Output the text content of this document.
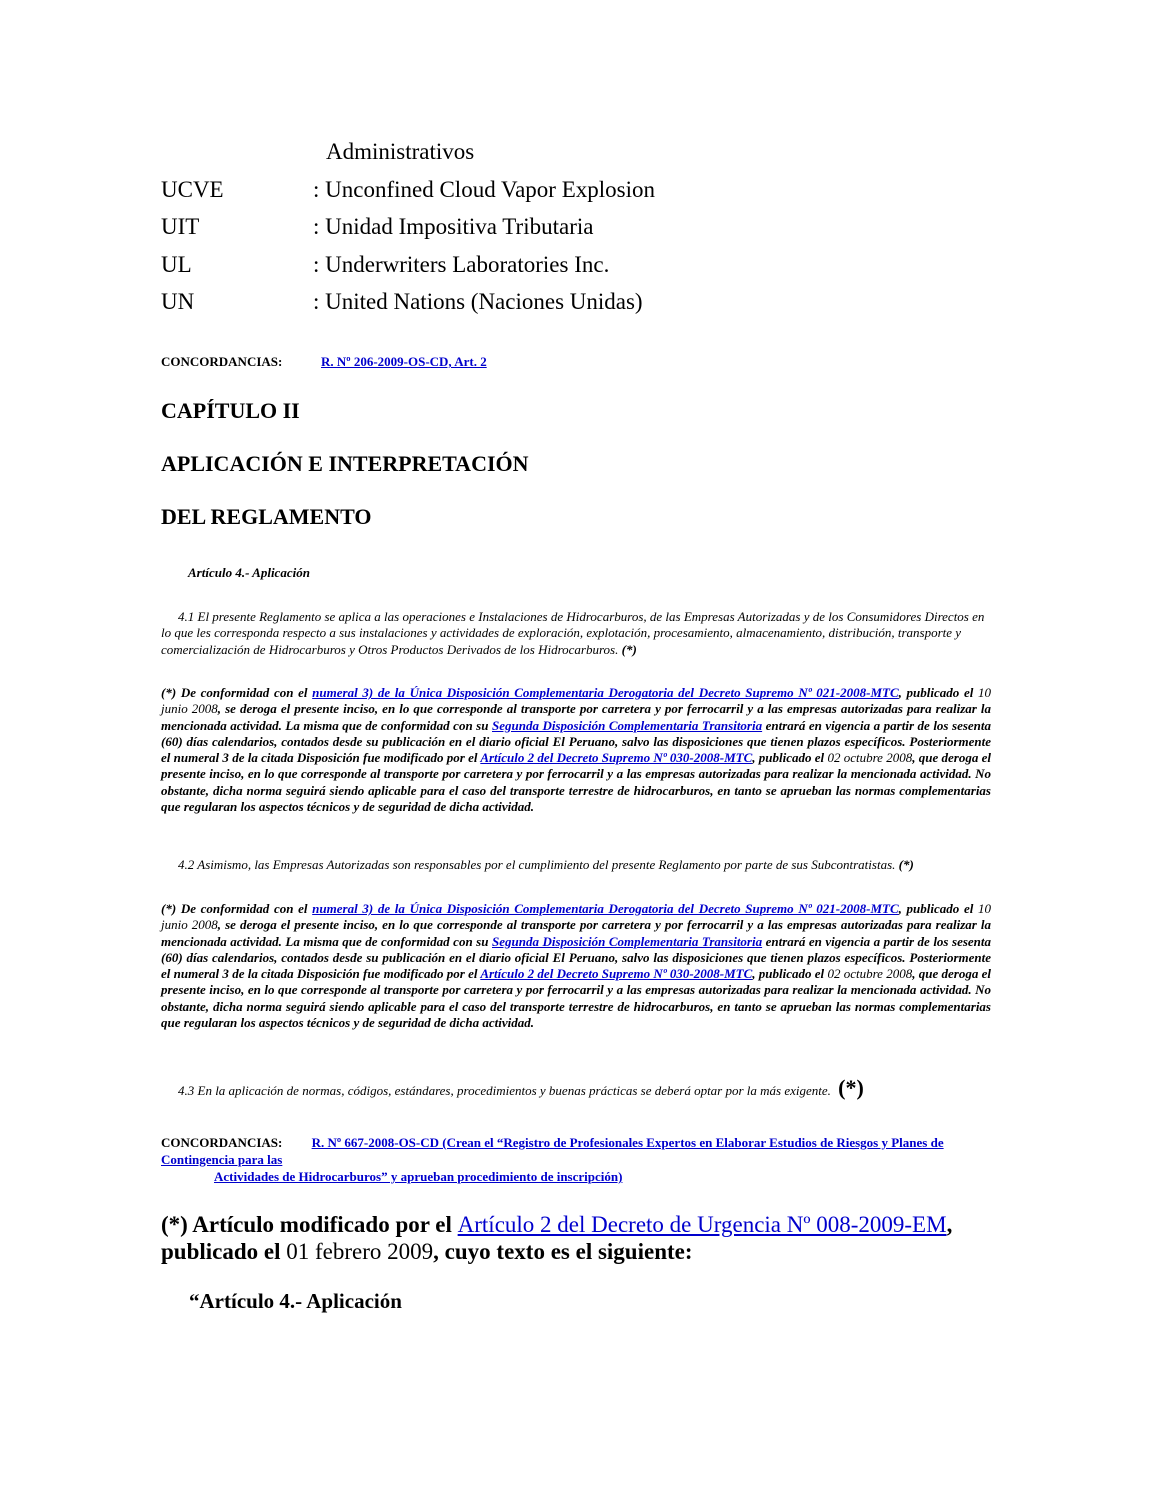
Administrativos
UCVE	: Unconfined Cloud Vapor Explosion
UIT	: Unidad Impositiva Tributaria
UL	: Underwriters Laboratories Inc.
UN	: United Nations (Naciones Unidas)
CONCORDANCIAS:	R. Nº 206-2009-OS-CD, Art. 2
CAPÍTULO II
APLICACIÓN E INTERPRETACIÓN
DEL REGLAMENTO
Artículo 4.- Aplicación
4.1 El presente Reglamento se aplica a las operaciones e Instalaciones de Hidrocarburos, de las Empresas Autorizadas y de los Consumidores Directos en lo que les corresponda respecto a sus instalaciones y actividades de exploración, explotación, procesamiento, almacenamiento, distribución, transporte y comercialización de Hidrocarburos y Otros Productos Derivados de los Hidrocarburos. (*)
(*) De conformidad con el numeral 3) de la Única Disposición Complementaria Derogatoria del Decreto Supremo Nº 021-2008-MTC, publicado el 10 junio 2008, se deroga el presente inciso, en lo que corresponde al transporte por carretera y por ferrocarril y a las empresas autorizadas para realizar la mencionada actividad. La misma que de conformidad con su Segunda Disposición Complementaria Transitoria entrará en vigencia a partir de los sesenta (60) días calendarios, contados desde su publicación en el diario oficial El Peruano, salvo las disposiciones que tienen plazos específicos. Posteriormente el numeral 3 de la citada Disposición fue modificado por el Artículo 2 del Decreto Supremo Nº 030-2008-MTC, publicado el 02 octubre 2008, que deroga el presente inciso, en lo que corresponde al transporte por carretera y por ferrocarril y a las empresas autorizadas para realizar la mencionada actividad. No obstante, dicha norma seguirá siendo aplicable para el caso del transporte terrestre de hidrocarburos, en tanto se aprueban las normas complementarias que regularan los aspectos técnicos y de seguridad de dicha actividad.
4.2 Asimismo, las Empresas Autorizadas son responsables por el cumplimiento del presente Reglamento por parte de sus Subcontratistas. (*)
(*) De conformidad con el numeral 3) de la Única Disposición Complementaria Derogatoria del Decreto Supremo Nº 021-2008-MTC, publicado el 10 junio 2008, se deroga el presente inciso, en lo que corresponde al transporte por carretera y por ferrocarril y a las empresas autorizadas para realizar la mencionada actividad. La misma que de conformidad con su Segunda Disposición Complementaria Transitoria entrará en vigencia a partir de los sesenta (60) días calendarios, contados desde su publicación en el diario oficial El Peruano, salvo las disposiciones que tienen plazos específicos. Posteriormente el numeral 3 de la citada Disposición fue modificado por el Artículo 2 del Decreto Supremo Nº 030-2008-MTC, publicado el 02 octubre 2008, que deroga el presente inciso, en lo que corresponde al transporte por carretera y por ferrocarril y a las empresas autorizadas para realizar la mencionada actividad. No obstante, dicha norma seguirá siendo aplicable para el caso del transporte terrestre de hidrocarburos, en tanto se aprueban las normas complementarias que regularan los aspectos técnicos y de seguridad de dicha actividad.
4.3 En la aplicación de normas, códigos, estándares, procedimientos y buenas prácticas se deberá optar por la más exigente. (*)
CONCORDANCIAS: R. Nº 667-2008-OS-CD (Crean el “Registro de Profesionales Expertos en Elaborar Estudios de Riesgos y Planes de Contingencia para las
Actividades de Hidrocarburos” y aprueban procedimiento de inscripción)
(*) Artículo modificado por el Artículo 2 del Decreto de Urgencia Nº 008-2009-EM, publicado el 01 febrero 2009, cuyo texto es el siguiente:
“Artículo 4.- Aplicación
